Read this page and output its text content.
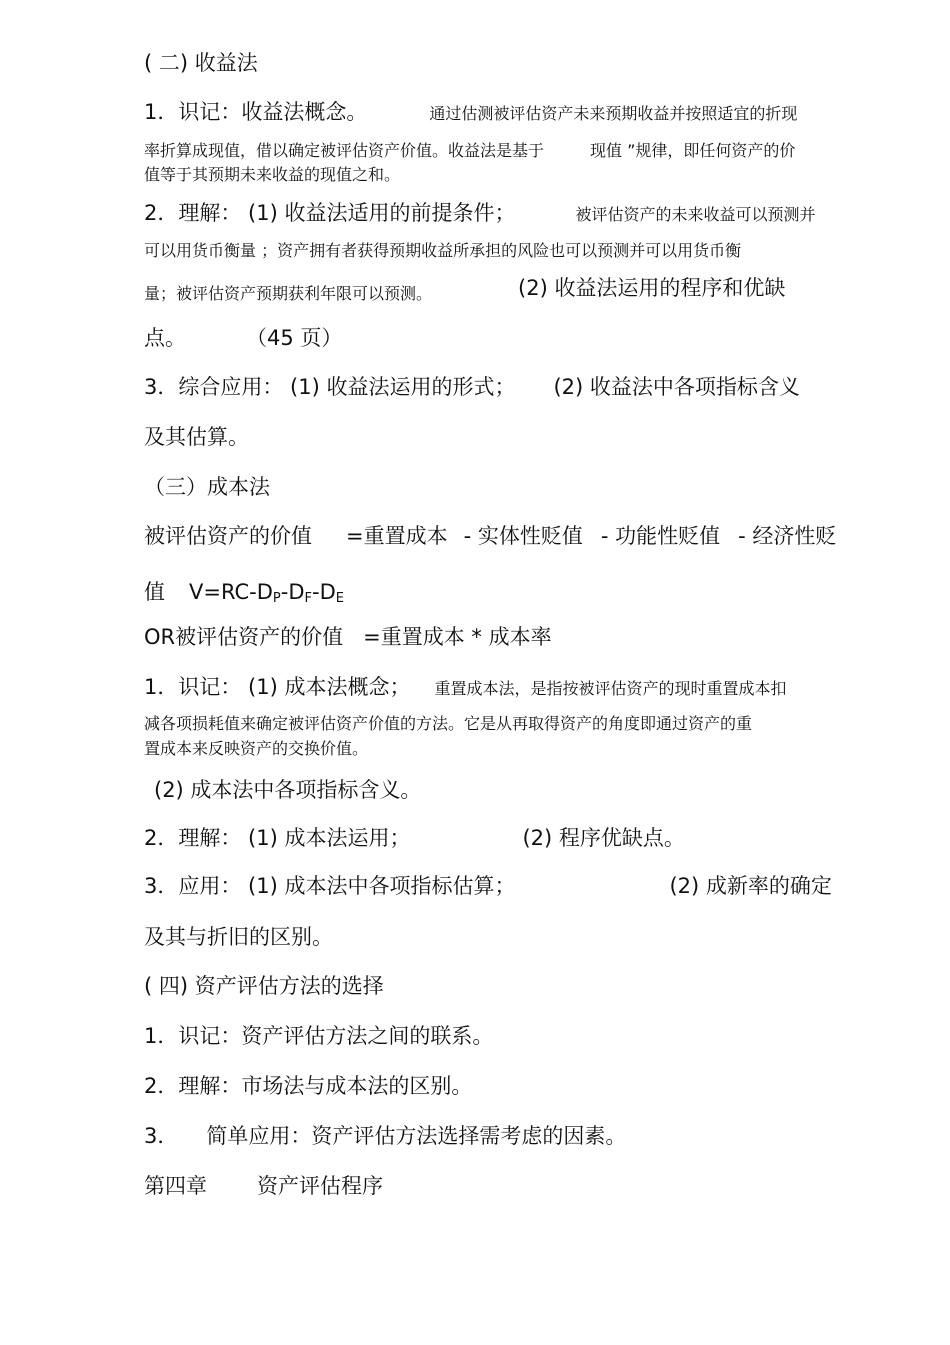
( 二) 收益法
1．识记：收益法概念。	通过估测被评估资产未来预期收益并按照适宜的折现
率折算成现值，借以确定被评估资产价值。收益法是基于	现值 ”规律，即任何资产的价
值等于其预期未来收益的现值之和。
2．理解： (1) 收益法适用的前提条件；	被评估资产的未来收益可以预测并
可以用货币衡量 ；资产拥有者获得预期收益所承担的风险也可以预测并可以用货币衡
量；被评估资产预期获利年限可以预测。	(2) 收益法运用的程序和优缺
点。	（45 页）
3．综合应用： (1) 收益法运用的形式； (2) 收益法中各项指标含义
及其估算。
（三）成本法
被评估资产的价值 =重置成本 - 实体性贬值 - 功能性贬值 - 经济性贬
值 $V=RC-D_P-D_F-D_E$
OR被评估资产的价值 =重置成本 * 成本率
1．识记： (1) 成本法概念； 重置成本法，是指按被评估资产的现时重置成本扣
减各项损耗值来确定被评估资产价值的方法。它是从再取得资产的角度即通过资产的重
置成本来反映资产的交换价值。
(2) 成本法中各项指标含义。
2．理解： (1) 成本法运用；	(2) 程序优缺点。
3．应用： (1) 成本法中各项指标估算；	(2) 成新率的确定
及其与折旧的区别。
( 四) 资产评估方法的选择
1．识记：资产评估方法之间的联系。
2．理解：市场法与成本法的区别。
3． 简单应用：资产评估方法选择需考虑的因素。
第四章 资产评估程序
